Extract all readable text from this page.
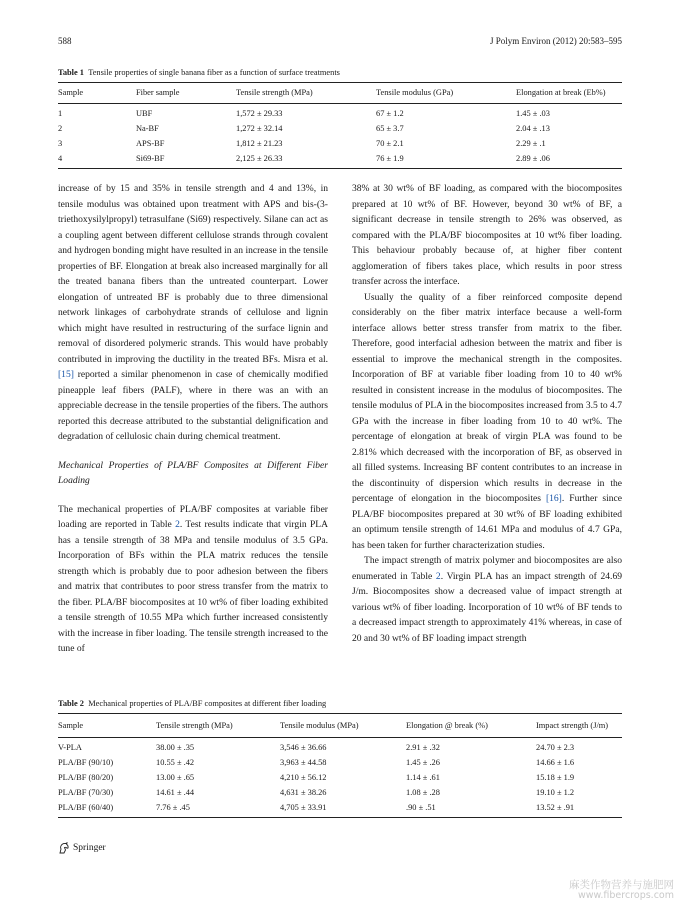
588	J Polym Environ (2012) 20:583–595
Table 1 Tensile properties of single banana fiber as a function of surface treatments
Sample	Fiber sample	Tensile strength (MPa)	Tensile modulus (GPa)	Elongation at break (Eb%)
1	UBF	1,572 ± 29.33	67 ± 1.2	1.45 ± .03
2	Na-BF	1,272 ± 32.14	65 ± 3.7	2.04 ± .13
3	APS-BF	1,812 ± 21.23	70 ± 2.1	2.29 ± .1
4	Si69-BF	2,125 ± 26.33	76 ± 1.9	2.89 ± .06

increase of by 15 and 35% in tensile strength and 4 and 13%, in tensile modulus was obtained upon treatment with APS and bis-(3-triethoxysilylpropyl) tetrasulfane (Si69) respectively. Silane can act as a coupling agent between different cellulose strands through covalent and hydrogen bonding might have resulted in an increase in the tensile properties of BF. Elongation at break also increased marginally for all the treated banana fibers than the untreated counterpart. Lower elongation of untreated BF is probably due to three dimensional network linkages of carbohydrate strands of cellulose and lignin which might have resulted in restructuring of the surface lignin and removal of disordered polymeric strands. This would have probably contributed in improving the ductility in the treated BFs. Misra et al. [15] reported a similar phenomenon in case of chemically modified pineapple leaf fibers (PALF), where in there was an with an appreciable decrease in the tensile properties of the fibers. The authors reported this decrease attributed to the substantial delignification and degradation of cellulosic chain during chemical treatment.

Mechanical Properties of PLA/BF Composites at Different Fiber Loading

The mechanical properties of PLA/BF composites at variable fiber loading are reported in Table 2. Test results indicate that virgin PLA has a tensile strength of 38 MPa and tensile modulus of 3.5 GPa. Incorporation of BFs within the PLA matrix reduces the tensile strength which is probably due to poor adhesion between the fibers and matrix that contributes to poor stress transfer from the matrix to the fiber. PLA/BF biocomposites at 10 wt% of fiber loading exhibited a tensile strength of 10.55 MPa which further increased consistently with the increase in fiber loading. The tensile strength increased to the tune of

38% at 30 wt% of BF loading, as compared with the biocomposites prepared at 10 wt% of BF. However, beyond 30 wt% of BF, a significant decrease in tensile strength to 26% was observed, as compared with the PLA/BF biocomposites at 10 wt% fiber loading. This behaviour probably because of, at higher fiber content agglomeration of fibers takes place, which results in poor stress transfer across the interface.

Usually the quality of a fiber reinforced composite depend considerably on the fiber matrix interface because a well-form interface allows better stress transfer from matrix to the fiber. Therefore, good interfacial adhesion between the matrix and fiber is essential to improve the mechanical strength in the composites. Incorporation of BF at variable fiber loading from 10 to 40 wt% resulted in consistent increase in the modulus of biocomposites. The tensile modulus of PLA in the biocomposites increased from 3.5 to 4.7 GPa with the increase in fiber loading from 10 to 40 wt%. The percentage of elongation at break of virgin PLA was found to be 2.81% which decreased with the incorporation of BF, as observed in all filled systems. Increasing BF content contributes to an increase in the discontinuity of dispersion which results in decrease in the percentage of elongation in the biocomposites [16]. Further since PLA/BF biocomposites prepared at 30 wt% of BF loading exhibited an optimum tensile strength of 14.61 MPa and modulus of 4.7 GPa, has been taken for further characterization studies.

The impact strength of matrix polymer and biocomposites are also enumerated in Table 2. Virgin PLA has an impact strength of 24.69 J/m. Biocomposites show a decreased value of impact strength at various wt% of fiber loading. Incorporation of 10 wt% of BF tends to a decreased impact strength to approximately 41% whereas, in case of 20 and 30 wt% of BF loading impact strength

Table 2 Mechanical properties of PLA/BF composites at different fiber loading
Sample	Tensile strength (MPa)	Tensile modulus (MPa)	Elongation @ break (%)	Impact strength (J/m)
V-PLA	38.00 ± .35	3,546 ± 36.66	2.91 ± .32	24.70 ± 2.3
PLA/BF (90/10)	10.55 ± .42	3,963 ± 44.58	1.45 ± .26	14.66 ± 1.6
PLA/BF (80/20)	13.00 ± .65	4,210 ± 56.12	1.14 ± .61	15.18 ± 1.9
PLA/BF (70/30)	14.61 ± .44	4,631 ± 38.26	1.08 ± .28	19.10 ± 1.2
PLA/BF (60/40)	7.76 ± .45	4,705 ± 33.91	.90 ± .51	13.52 ± .91
Springer
麻类作物营养与施肥网
www.fibercrops.com
